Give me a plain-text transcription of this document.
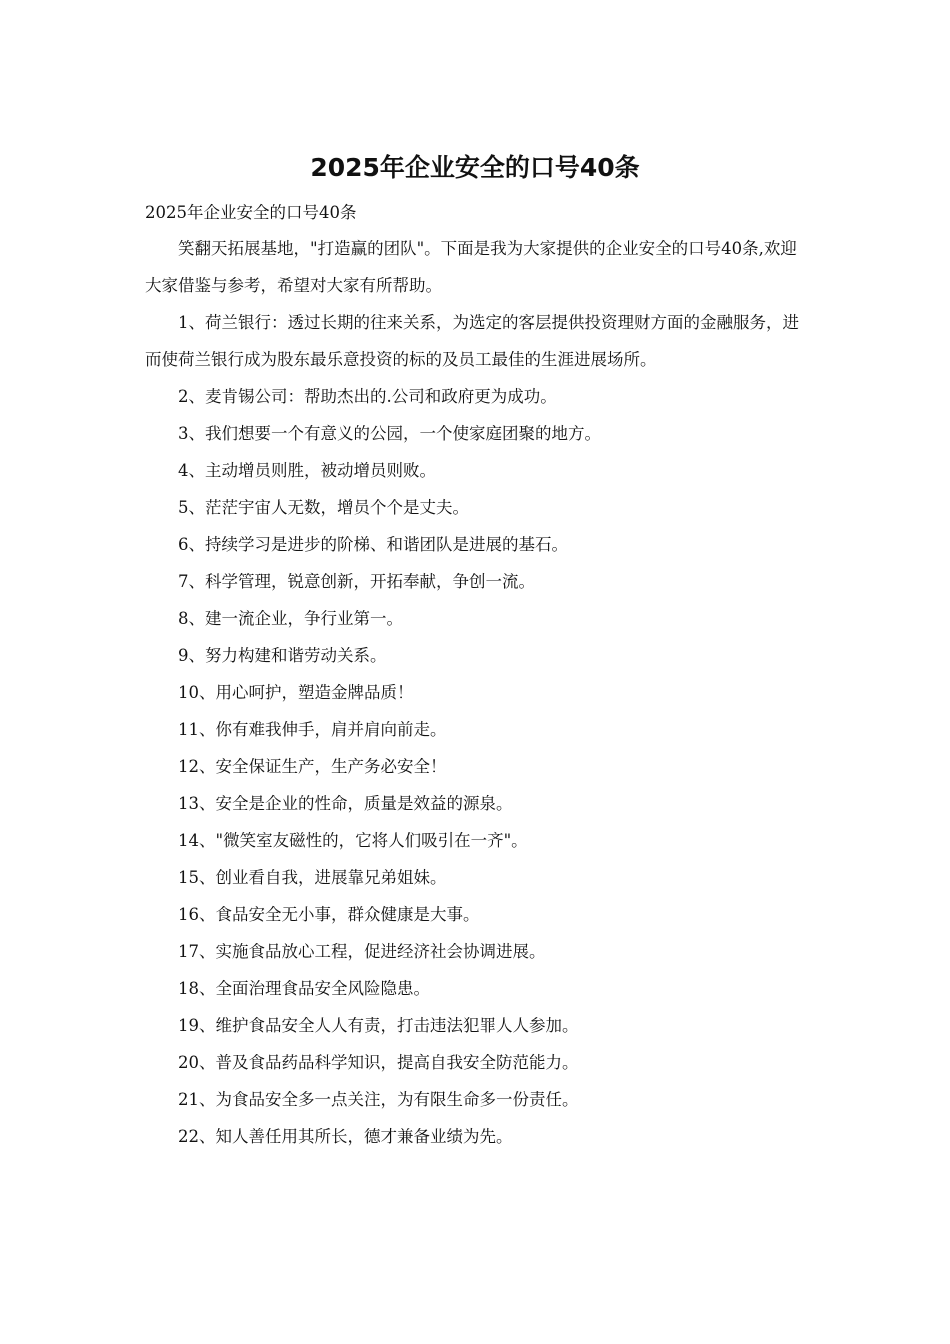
2025年企业安全的口号40条

2025年企业安全的口号40条

笑翻天拓展基地，"打造赢的团队"。下面是我为大家提供的企业安全的口号40条,欢迎大家借鉴与参考，希望对大家有所帮助。

1、荷兰银行：透过长期的往来关系，为选定的客层提供投资理财方面的金融服务，进而使荷兰银行成为股东最乐意投资的标的及员工最佳的生涯进展场所。
2、麦肯锡公司：帮助杰出的.公司和政府更为成功。
3、我们想要一个有意义的公园，一个使家庭团聚的地方。
4、主动增员则胜，被动增员则败。
5、茫茫宇宙人无数，增员个个是丈夫。
6、持续学习是进步的阶梯、和谐团队是进展的基石。
7、科学管理，锐意创新，开拓奉献，争创一流。
8、建一流企业，争行业第一。
9、努力构建和谐劳动关系。
10、用心呵护，塑造金牌品质！
11、你有难我伸手，肩并肩向前走。
12、安全保证生产，生产务必安全！
13、安全是企业的性命，质量是效益的源泉。
14、"微笑室友磁性的，它将人们吸引在一齐"。
15、创业看自我，进展靠兄弟姐妹。
16、食品安全无小事，群众健康是大事。
17、实施食品放心工程，促进经济社会协调进展。
18、全面治理食品安全风险隐患。
19、维护食品安全人人有责，打击违法犯罪人人参加。
20、普及食品药品科学知识，提高自我安全防范能力。
21、为食品安全多一点关注，为有限生命多一份责任。
22、知人善任用其所长，德才兼备业绩为先。
